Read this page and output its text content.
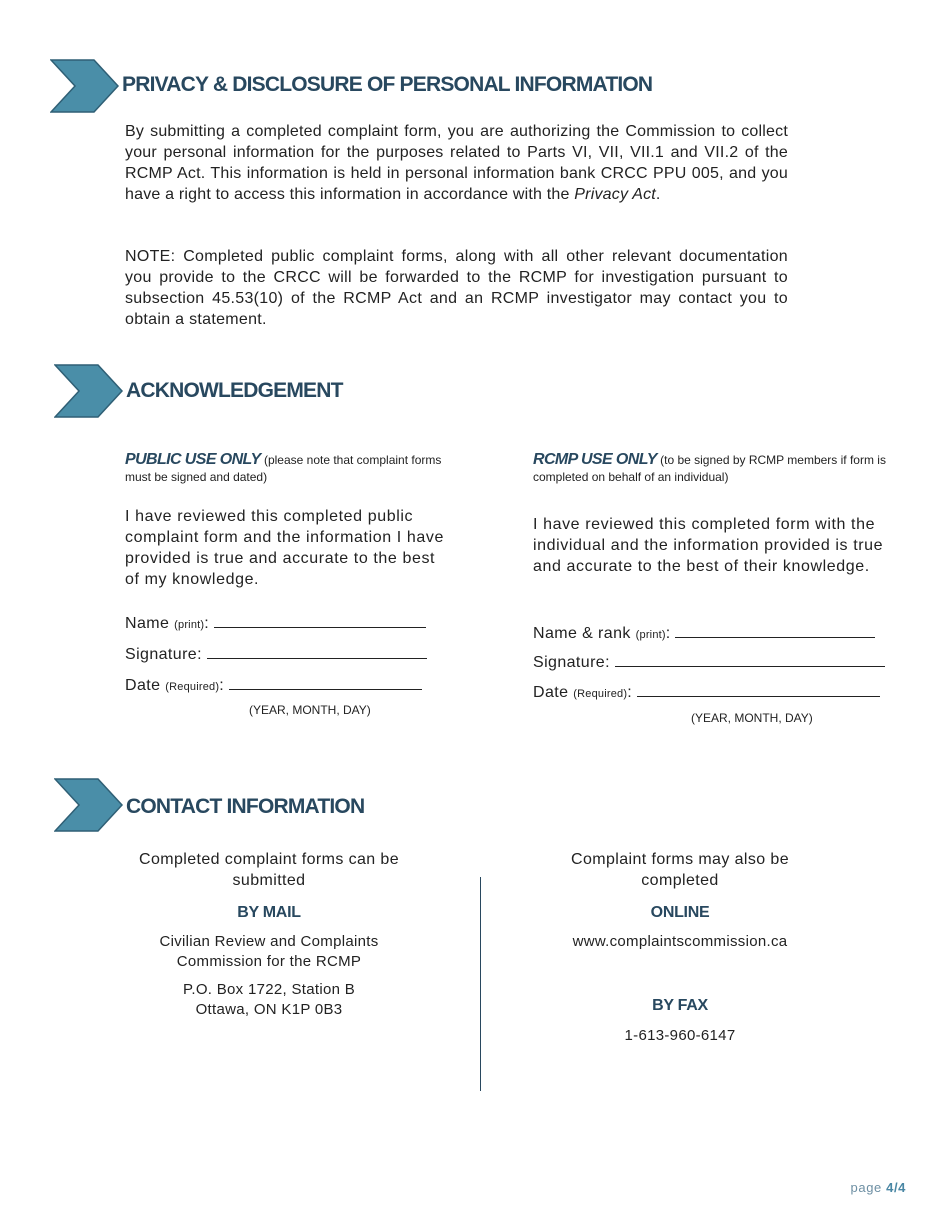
PRIVACY & DISCLOSURE OF PERSONAL INFORMATION

By submitting a completed complaint form, you are authorizing the Commission to collect your personal information for the purposes related to Parts VI, VII, VII.1 and VII.2 of the RCMP Act. This information is held in personal information bank CRCC PPU 005, and you have a right to access this information in accordance with the Privacy Act.

NOTE: Completed public complaint forms, along with all other relevant documentation you provide to the CRCC will be forwarded to the RCMP for investigation pursuant to subsection 45.53(10) of the RCMP Act and an RCMP investigator may contact you to obtain a statement.

ACKNOWLEDGEMENT

PUBLIC USE ONLY (please note that complaint forms must be signed and dated)

I have reviewed this completed public complaint form and the information I have provided is true and accurate to the best of my knowledge.

Name (print):
Signature:
Date (Required):
(YEAR, MONTH, DAY)

RCMP USE ONLY (to be signed by RCMP members if form is completed on behalf of an individual)

I have reviewed this completed form with the individual and the information provided is true and accurate to the best of their knowledge.

Name & rank (print):
Signature:
Date (Required):
(YEAR, MONTH, DAY)
CONTACT INFORMATION

Completed complaint forms can be submitted

BY MAIL

Civilian Review and Complaints

Commission for the RCMP

P.O. Box 1722, Station B

Ottawa, ON K1P 0B3

Complaint forms may also be completed

ONLINE

www.complaintscommission.ca

BY FAX

1-613-960-6147

page 4/4
